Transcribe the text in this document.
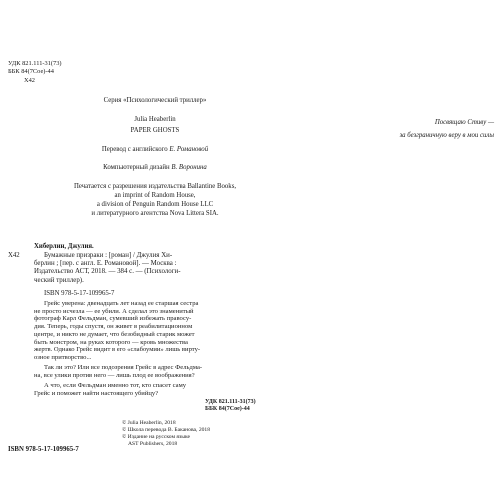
УДК 821.111-31(73)
ББК 84(7Сое)-44
Х42
Серия «Психологический триллер»
Julia Heaberlin
PAPER GHOSTS
Перевод с английского Е. Романовой
Компьютерный дизайн В. Воронина
Печатается с разрешения издательства Ballantine Books,
an imprint of Random House,
a division of Penguin Random House LLC
и литературного агентства Nova Littera SIA.
Посвящаю Стиву —
за безграничную веру в мои силы
Х42
Хиберлин, Джулия.
Бумажные призраки : [роман] / Джулия Хи-
берлин ; [пер. с англ. Е. Романовой]. — Москва :
Издательство АСТ, 2018. — 384 с. — (Психологи-
ческий триллер).
ISBN 978-5-17-109965-7
Грейс уверена: двенадцать лет назад ее старшая сестра
не просто исчезла — ее убили. А сделал это знаменитый
фотограф Карл Фельдман, сумевший избежать правосу-
дия. Теперь, годы спустя, он живет в реабилитационном
центре, и никто не думает, что безобидный старик может
быть монстром, на руках которого — кровь множества
жертв. Однако Грейс видит в его «слабоумии» лишь вирту-
озное притворство...
Так ли это? Или все подозрения Грейс в адрес Фельдма-
на, все улики против него — лишь плод ее воображения?
А что, если Фельдман именно тот, кто спасет саму
Грейс и поможет найти настоящего убийцу?
УДК 821.111-31(73)
ББК 84(7Сое)-44
© Julia Heaberlin, 2018
© Школа перевода В. Баканова, 2018
© Издание на русском языке
AST Publishers, 2018
ISBN 978-5-17-109965-7
